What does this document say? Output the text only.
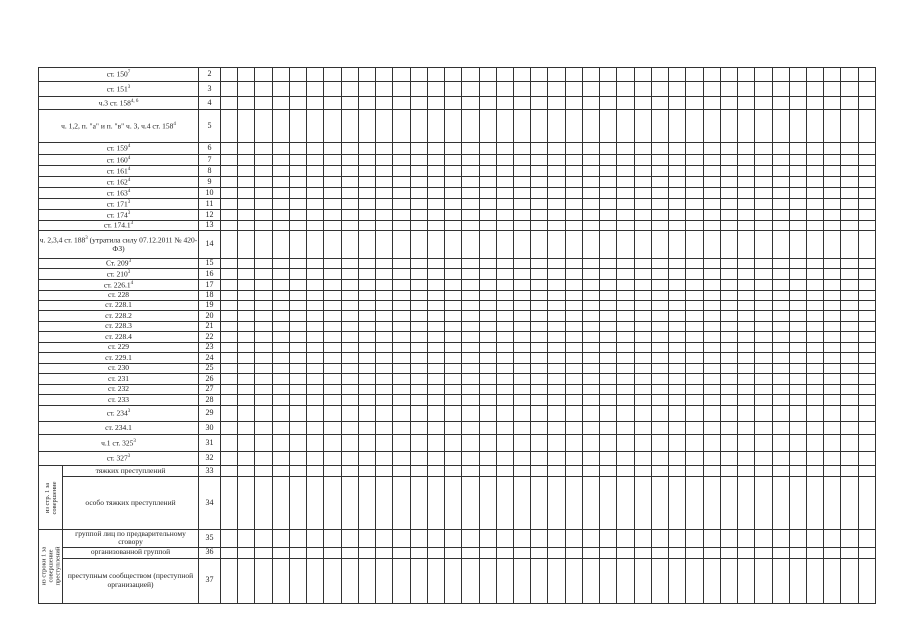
ст. $150^7$		2																																						
ст. $151^3$		3																																						
ч.3 ст. 158$^{4, 6}$		4																																						
ч. 1,2, п. "а" и п. "в" ч. 3, ч.4 ст. $158^4$		5																																						
ст. $159^4$		6																																						
ст. $160^4$		7																																						
ст. $161^4$		8																																						
ст. $162^4$		9																																						
ст. $163^4$		10																																						
ст. $171^3$		11																																						
ст. $174^3$		12																																						
ст. 174.1$^3$		13																																						
ч. 2,3,4 ст. $188^3$ (утратила силу 07.12.2011 № 420-ФЗ)		14																																						
Ст. $209^3$		15																																						
ст. $210^3$		16																																						
ст. 226.1$^4$		17																																						
ст. 228		18																																						
ст. 228.1		19																																						
ст. 228.2		20																																						
ст. 228.3		21																																						
ст. 228.4		22																																						
ст. 229		23																																						
ст. 229.1		24																																						
ст. 230		25																																						
ст. 231		26																																						
ст. 232		27																																						
ст. 233		28																																						
ст. $234^3$		29																																						
ст. 234.1		30																																						
ч.1 ст. $325^3$		31																																						
ст. $327^3$		32																																						

из стр. 1 за совершение	тяжких преступлений	33																																						
	особо тяжких преступлений	34																																						

из строки 1 за совершение преступлений	группой лиц по предварительному сговору	35																																						
	организованной группой	36																																						
	преступным сообществом (преступной организацией)	37																																						
